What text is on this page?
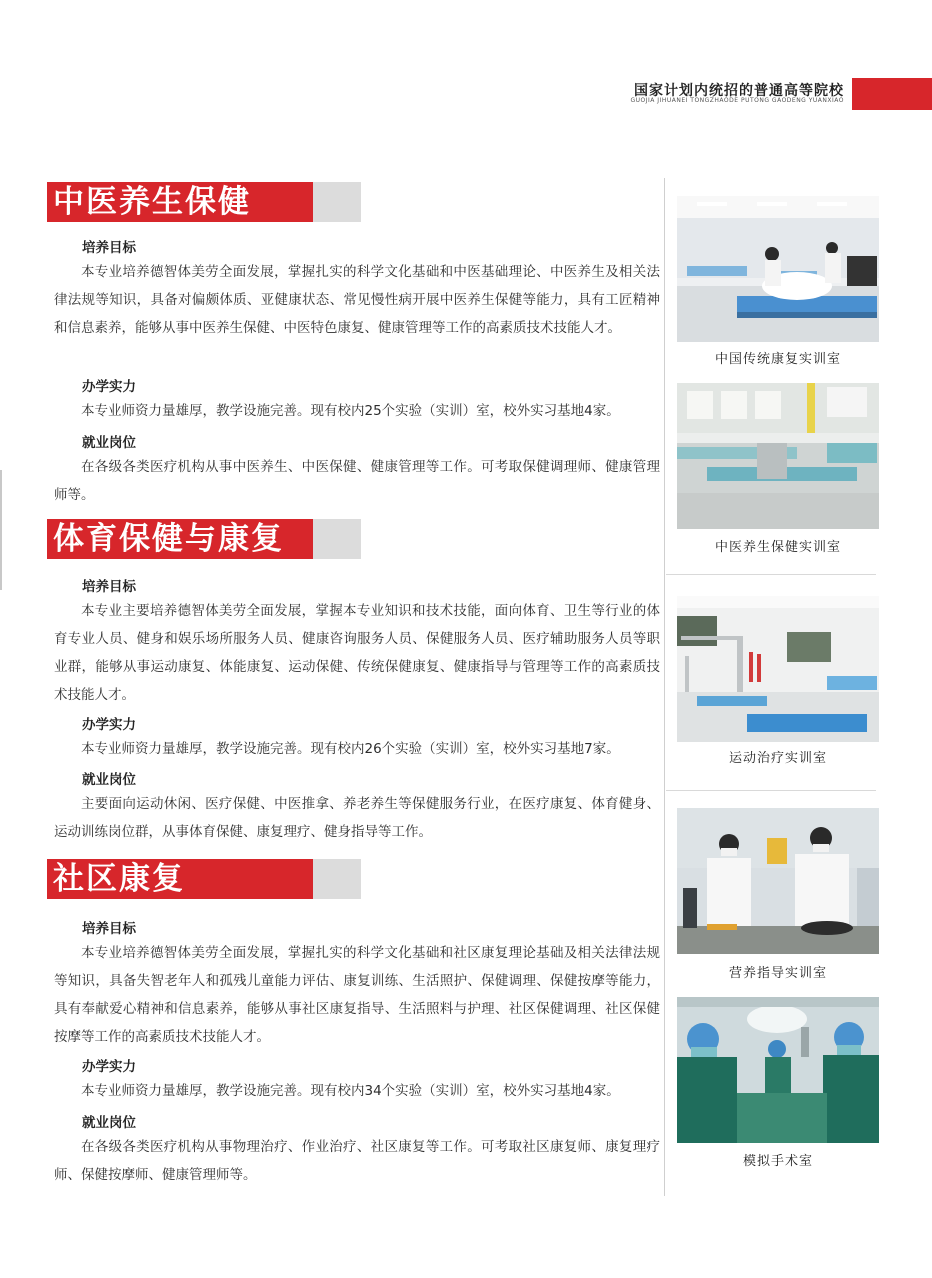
国家计划内统招的普通高等院校
GUOJIA JIHUANEI TONGZHAODE PUTONG GAODENG YUANXIAO
中医养生保健
培养目标
本专业培养德智体美劳全面发展，掌握扎实的科学文化基础和中医基础理论、中医养生及相关法律法规等知识，具备对偏颇体质、亚健康状态、常见慢性病开展中医养生保健等能力，具有工匠精神和信息素养，能够从事中医养生保健、中医特色康复、健康管理等工作的高素质技术技能人才。
办学实力
本专业师资力量雄厚，教学设施完善。现有校内25个实验（实训）室，校外实习基地4家。
就业岗位
在各级各类医疗机构从事中医养生、中医保健、健康管理等工作。可考取保健调理师、健康管理师等。
体育保健与康复
培养目标
本专业主要培养德智体美劳全面发展，掌握本专业知识和技术技能，面向体育、卫生等行业的体育专业人员、健身和娱乐场所服务人员、健康咨询服务人员、保健服务人员、医疗辅助服务人员等职业群，能够从事运动康复、体能康复、运动保健、传统保健康复、健康指导与管理等工作的高素质技术技能人才。
办学实力
本专业师资力量雄厚，教学设施完善。现有校内26个实验（实训）室，校外实习基地7家。
就业岗位
主要面向运动休闲、医疗保健、中医推拿、养老养生等保健服务行业，在医疗康复、体育健身、运动训练岗位群，从事体育保健、康复理疗、健身指导等工作。
社区康复
培养目标
本专业培养德智体美劳全面发展，掌握扎实的科学文化基础和社区康复理论基础及相关法律法规等知识，具备失智老年人和孤残儿童能力评估、康复训练、生活照护、保健调理、保健按摩等能力，具有奉献爱心精神和信息素养，能够从事社区康复指导、生活照料与护理、社区保健调理、社区保健按摩等工作的高素质技术技能人才。
办学实力
本专业师资力量雄厚，教学设施完善。现有校内34个实验（实训）室，校外实习基地4家。
就业岗位
在各级各类医疗机构从事物理治疗、作业治疗、社区康复等工作。可考取社区康复师、康复理疗师、保健按摩师、健康管理师等。
中国传统康复实训室
中医养生保健实训室
运动治疗实训室
营养指导实训室
模拟手术室
